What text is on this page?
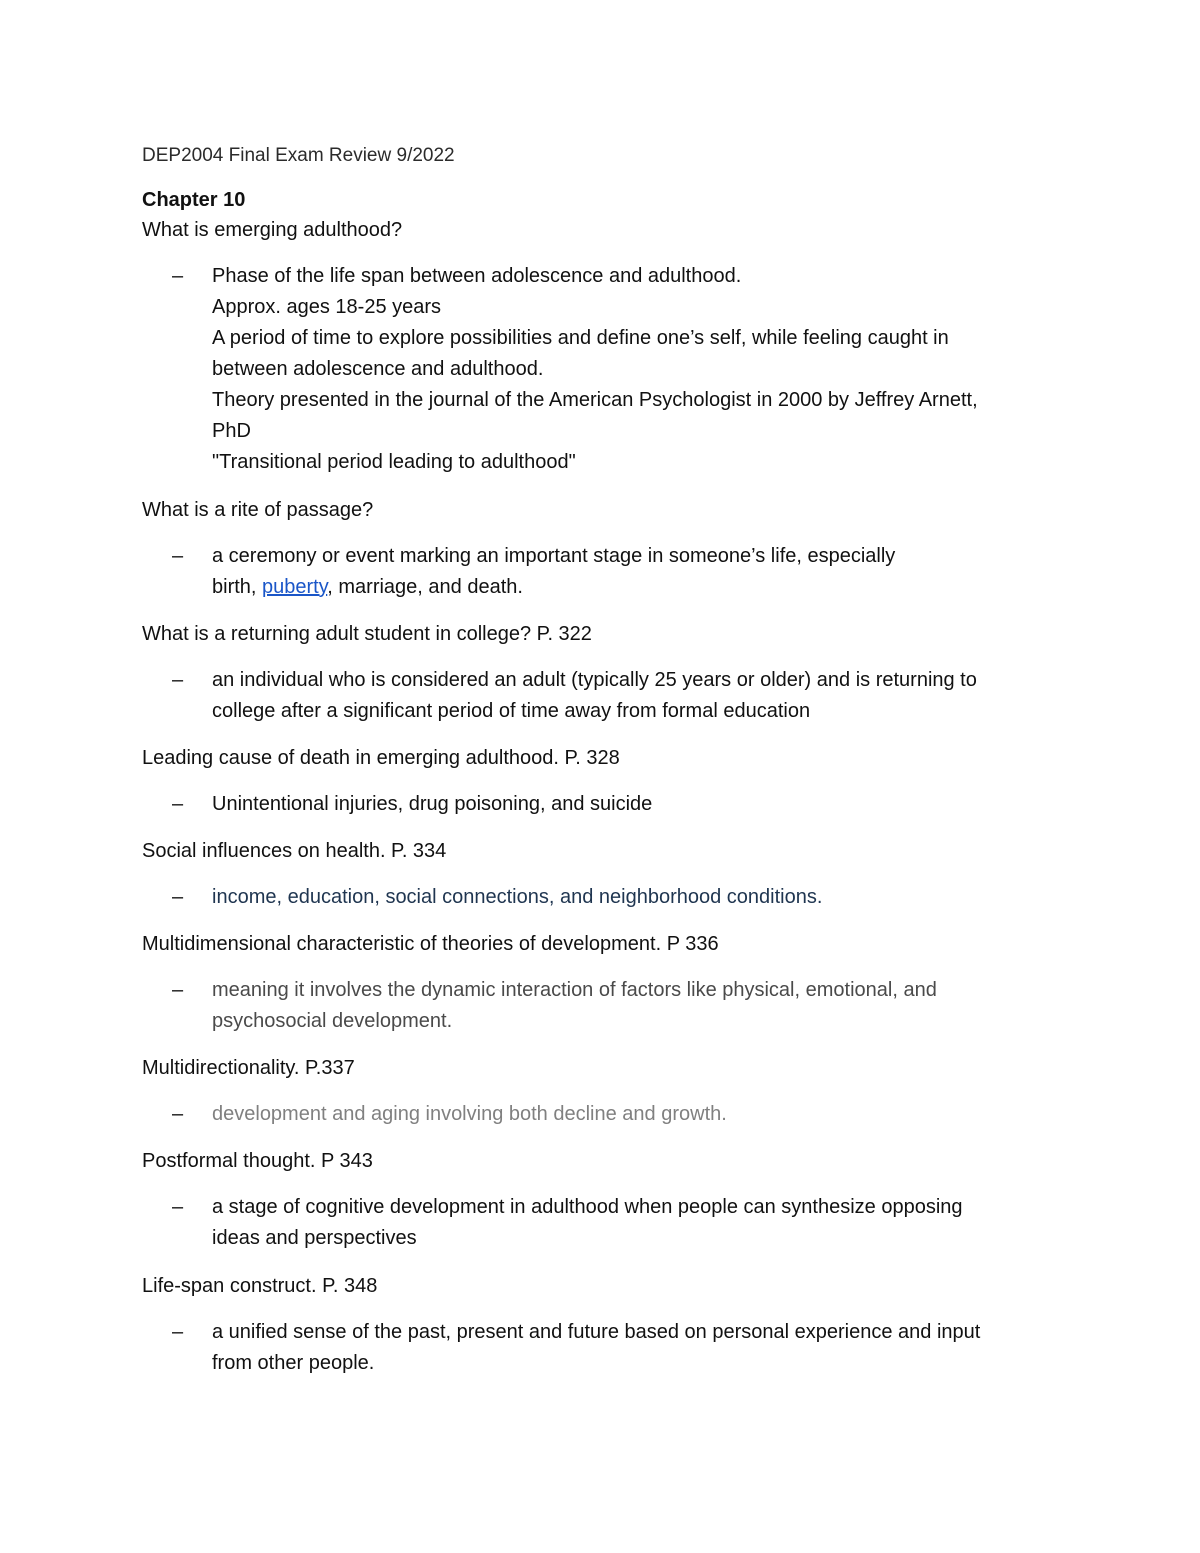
DEP2004 Final Exam Review 9/2022
Chapter 10
What is emerging adulthood?
–	Phase of the life span between adolescence and adulthood.
Approx. ages 18-25 years
A period of time to explore possibilities and define one’s self, while feeling caught in
between adolescence and adulthood.
Theory presented in the journal of the American Psychologist in 2000 by Jeffrey Arnett,
PhD
"Transitional period leading to adulthood"
What is a rite of passage?
–	a ceremony or event marking an important stage in someone’s life, especially
birth, puberty, marriage, and death.
What is a returning adult student in college? P. 322
–	an individual who is considered an adult (typically 25 years or older) and is returning to
college after a significant period of time away from formal education
Leading cause of death in emerging adulthood. P. 328
–	Unintentional injuries, drug poisoning, and suicide
Social influences on health. P. 334
–	income, education, social connections, and neighborhood conditions.
Multidimensional characteristic of theories of development. P 336
–	meaning it involves the dynamic interaction of factors like physical, emotional, and
psychosocial development.
Multidirectionality. P.337
–	development and aging involving both decline and growth.
Postformal thought. P 343
–	a stage of cognitive development in adulthood when people can synthesize opposing
ideas and perspectives
Life-span construct. P. 348
–	a unified sense of the past, present and future based on personal experience and input
from other people.
